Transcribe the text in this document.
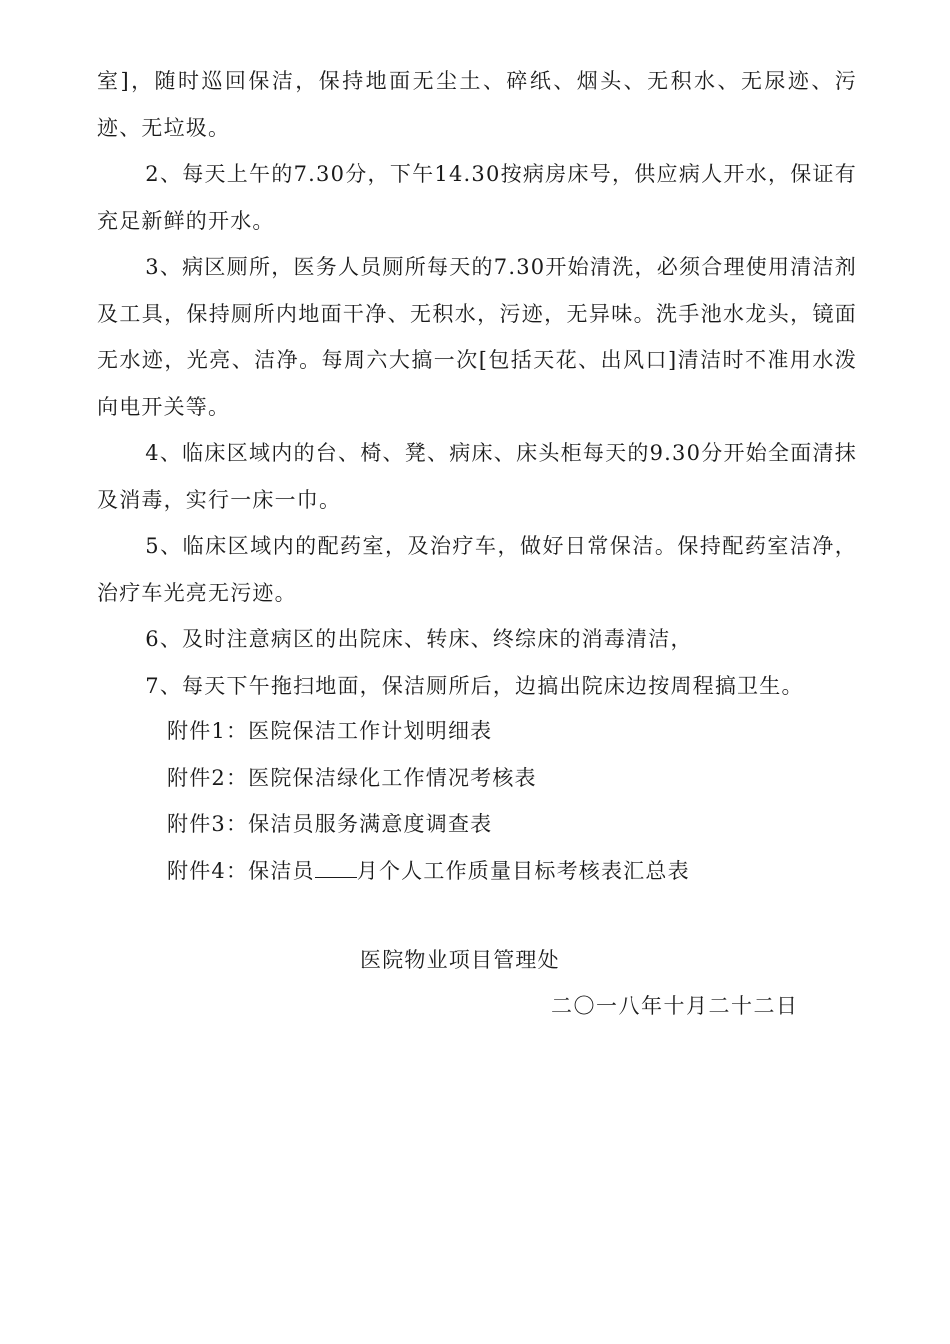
室]，随时巡回保洁，保持地面无尘土、碎纸、烟头、无积水、无尿迹、污迹、无垃圾。

2、每天上午的7.30分，下午14.30按病房床号，供应病人开水，保证有充足新鲜的开水。

3、病区厕所，医务人员厕所每天的7.30开始清洗，必须合理使用清洁剂及工具，保持厕所内地面干净、无积水，污迹，无异味。洗手池水龙头，镜面无水迹，光亮、洁净。每周六大搞一次[包括天花、出风口]清洁时不准用水泼向电开关等。

4、临床区域内的台、椅、凳、病床、床头柜每天的9.30分开始全面清抹及消毒，实行一床一巾。

5、临床区域内的配药室，及治疗车，做好日常保洁。保持配药室洁净，治疗车光亮无污迹。

6、及时注意病区的出院床、转床、终综床的消毒清洁，

7、每天下午拖扫地面，保洁厕所后，边搞出院床边按周程搞卫生。

附件1：医院保洁工作计划明细表
附件2：医院保洁绿化工作情况考核表
附件3：保洁员服务满意度调查表
附件4：保洁员 月个人工作质量目标考核表汇总表
医院物业项目管理处
二〇一八年十月二十二日
